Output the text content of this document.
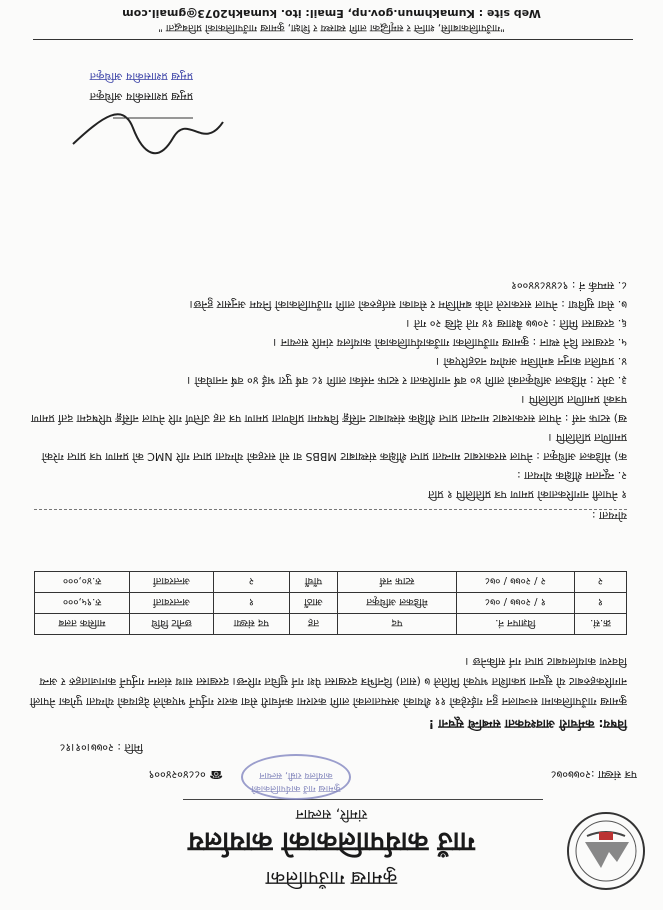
कुमाख गाउँपालिका
गाउँ कार्यपालिकाको कार्यालय
रांमरि, सल्यान
पत्र संख्या :२०७७०७८
कुमाख गाउँ कार्यपालिकाको कार्यालय राम्री, सल्यान
☎ ०८८४०२४००९
मिति : २०७७।०१।१८
विषय: कर्मचारी आवश्यकता सम्बन्धि सूचना !
कुमाख गाउँपालिकामा सञ्चालन हुन गईरहेको ११ शैयाको अस्पतालको लागि करारमा कर्मचारी सेवा करार गर्नुपर्ने भएकोले देहायको योग्यता पुगेका नेपाली नागरिकहरुबाट यो सूचना प्रकाशित भएको मितिले ७ (सात) दिनभित्र दरखास्त पेश गर्न सुचित गरिन्छ। दरखास्त साथ संलग्न गर्नुपर्ने कागजातहरु र अन्य विवरण कार्यालयबाट प्राप्त गर्न सकिनेछ ।
क्र.सं.	विज्ञापन नं.	पद	तह	पद संख्या	छनौट विधि	मासिक तलब
१	१ / २०७७ / ०७८	मेडिकल अधिकृत	आठौं	१	अन्तरवार्ता	रु.९५,०००
२	२ / २०७७ / ०७८	स्टाफ नर्स	पाँचौं	२	अन्तरवार्ता	रु.४०,०००
योग्यता :
१ नेपाली नागरिकताको प्रमाण पत्र प्रतिलिपि १ प्रति
२. न्यूनतम शैक्षिक योग्यता :
क) मेडिकल अधिकृत : नेपाल सरकारबाट मान्यता प्राप्त शैक्षिक संस्थाबाट MBBS वा सो सरहको योग्यता प्राप्त गरि NMC को प्रमाण पत्र प्राप्त गरेको प्रमाणित प्रतिलिपि ।
ख) स्टाफ नर्स : नेपाल सरकारबाट मान्यता प्राप्त शैक्षिक संस्थाबाट नर्सिङ्ग विषयमा प्रविणता प्रमाण पत्र तह उत्तिर्ण गरि नेपाल नर्सिङ्ग परिषदमा दर्ता प्रमाण पत्रको प्रमाणित प्रतिलिपि ।
३. उमेर : मेडिकल अधिकृतको लागि ४० वर्ष नागरिकता र स्टाफ नर्सका लागि १८ वर्ष पुरा भई ४० वर्ष ननाघेको ।
४. प्रचलित कानुन बमोजिम अयोग्य नठहरिएको ।
५. दरखास्त दिने स्थान : कुमाख गाउँपालिका गाउँकार्यपालिकाको कार्यालय रांमरि सल्यान ।
६. दरखास्त मिति : २०७७ बैशाख १४ गते देखि २० गते ।
७. सेवा सुविधा : नेपाल सरकारले तोके बमोजिम र सेवाका सर्तहरुको लागि गाउँपालिकाको नियम अनुसार हुनेछ।
८. सम्पर्क नं : ९८४४८४४००१
प्रमुख प्रशासकीय अधिकृत
प्रमुख प्रशासकीय अधिकृत
"गाउँपालिकाबासि, शान्ति र समृद्धिका लागि स्वास्थ्य र शिक्षा, कुमाख गाउँपालिकाको प्रतिबद्धता "
Web site : Kumakhmun.gov.np, Email: ito. kumakh2073@gmail.com
